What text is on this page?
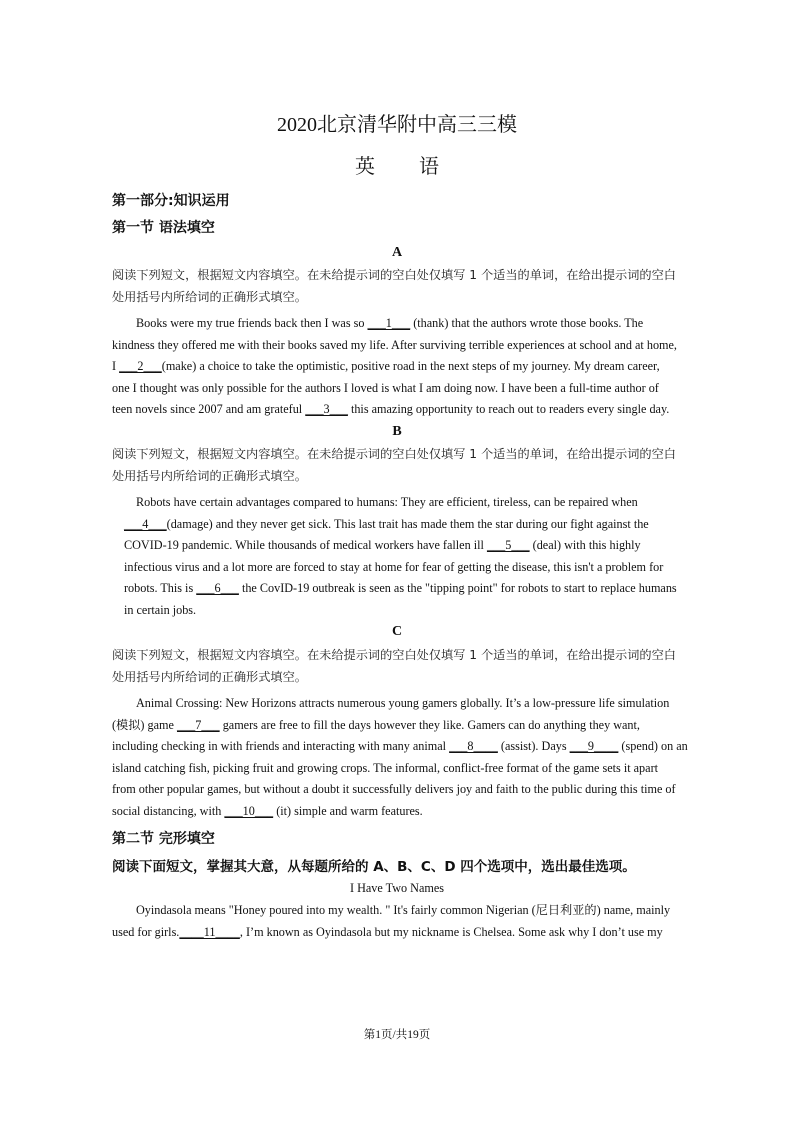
2020北京清华附中高三三模
英 语
第一部分:知识运用
第一节 语法填空
A
阅读下列短文，根据短文内容填空。在未给提示词的空白处仅填写 1 个适当的单词，在给出提示词的空白
处用括号内所给词的正确形式填空。
Books were my true friends back then I was so ___1___ (thank) that the authors wrote those books. The
kindness they offered me with their books saved my life. After surviving terrible experiences at school and at home,
I ___2___(make) a choice to take the optimistic, positive road in the next steps of my journey. My dream career,
one I thought was only possible for the authors I loved is what I am doing now. I have been a full-time author of
teen novels since 2007 and am grateful ___3___ this amazing opportunity to reach out to readers every single day.
B
阅读下列短文，根据短文内容填空。在未给提示词的空白处仅填写 1 个适当的单词，在给出提示词的空白
处用括号内所给词的正确形式填空。
Robots have certain advantages compared to humans: They are efficient, tireless, can be repaired when
___4___(damage) and they never get sick. This last trait has made them the star during our fight against the
COVID-19 pandemic. While thousands of medical workers have fallen ill ___5___ (deal) with this highly
infectious virus and a lot more are forced to stay at home for fear of getting the disease, this isn't a problem for
robots. This is ___6___ the CovID-19 outbreak is seen as the "tipping point" for robots to start to replace humans
in certain jobs.
C
阅读下列短文，根据短文内容填空。在未给提示词的空白处仅填写 1 个适当的单词，在给出提示词的空白
处用括号内所给词的正确形式填空。
Animal Crossing: New Horizons attracts numerous young gamers globally. It’s a low-pressure life simulation
(模拟) game ___7___ gamers are free to fill the days however they like. Gamers can do anything they want,
including checking in with friends and interacting with many animal ___8____ (assist). Days ___9____ (spend) on an
island catching fish, picking fruit and growing crops. The informal, conflict-free format of the game sets it apart
from other popular games, but without a doubt it successfully delivers joy and faith to the public during this time of
social distancing, with ___10___ (it) simple and warm features.
第二节 完形填空
阅读下面短文，掌握其大意，从每题所给的 A、B、C、D 四个选项中，选出最佳选项。
I Have Two Names
Oyindasola means "Honey poured into my wealth. " It's fairly common Nigerian (尼日利亚的) name, mainly
used for girls.____11____, I’m known as Oyindasola but my nickname is Chelsea. Some ask why I don’t use my
第1页/共19页
